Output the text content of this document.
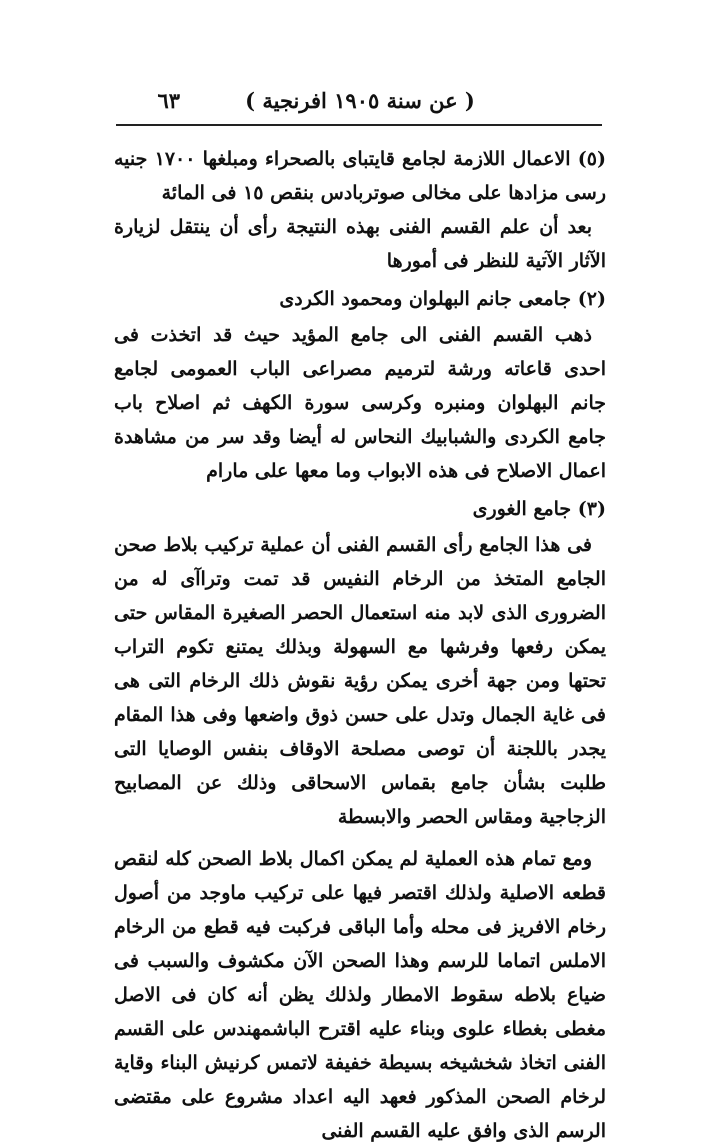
( عن سنة ١٩٠٥ افرنجية )
٦٣

(٥) الاعمال اللازمة لجامع قايتباى بالصحراء ومبلغها ١٧٠٠ جنيه رسى مزادها على مخالى صوتربادس بنقص ١٥ فى المائة

بعد أن علم القسم الفنى بهذه النتيجة رأى أن ينتقل لزيارة الآثار الآتية للنظر فى أمورها

(٢) جامعى جانم البهلوان ومحمود الكردى

ذهب القسم الفنى الى جامع المؤيد حيث قد اتخذت فى احدى قاعاته ورشة لترميم مصراعى الباب العمومى لجامع جانم البهلوان ومنبره وكرسى سورة الكهف ثم اصلاح باب جامع الكردى والشبابيك النحاس له أيضا وقد سر من مشاهدة اعمال الاصلاح فى هذه الابواب وما معها على مارام

(٣) جامع الغورى

فى هذا الجامع رأى القسم الفنى أن عملية تركيب بلاط صحن الجامع المتخذ من الرخام النفيس قد تمت وتراآى له من الضرورى الذى لابد منه استعمال الحصر الصغيرة المقاس حتى يمكن رفعها وفرشها مع السهولة وبذلك يمتنع تكوم التراب تحتها ومن جهة أخرى يمكن رؤية نقوش ذلك الرخام التى هى فى غاية الجمال وتدل على حسن ذوق واضعها وفى هذا المقام يجدر باللجنة أن توصى مصلحة الاوقاف بنفس الوصايا التى طلبت بشأن جامع بقماس الاسحاقى وذلك عن المصابيح الزجاجية ومقاس الحصر والابسطة

ومع تمام هذه العملية لم يمكن اكمال بلاط الصحن كله لنقص قطعه الاصلية ولذلك اقتصر فيها على تركيب ماوجد من أصول رخام الافريز فى محله وأما الباقى فركبت فيه قطع من الرخام الاملس اتماما للرسم وهذا الصحن الآن مكشوف والسبب فى ضياع بلاطه سقوط الامطار ولذلك يظن أنه كان فى الاصل مغطى بغطاء علوى وبناء عليه اقترح الباشمهندس على القسم الفنى اتخاذ شخشيخه بسيطة خفيفة لاتمس كرنيش البناء وقاية لرخام الصحن المذكور فعهد اليه اعداد مشروع على مقتضى الرسم الذى وافق عليه القسم الفنى
